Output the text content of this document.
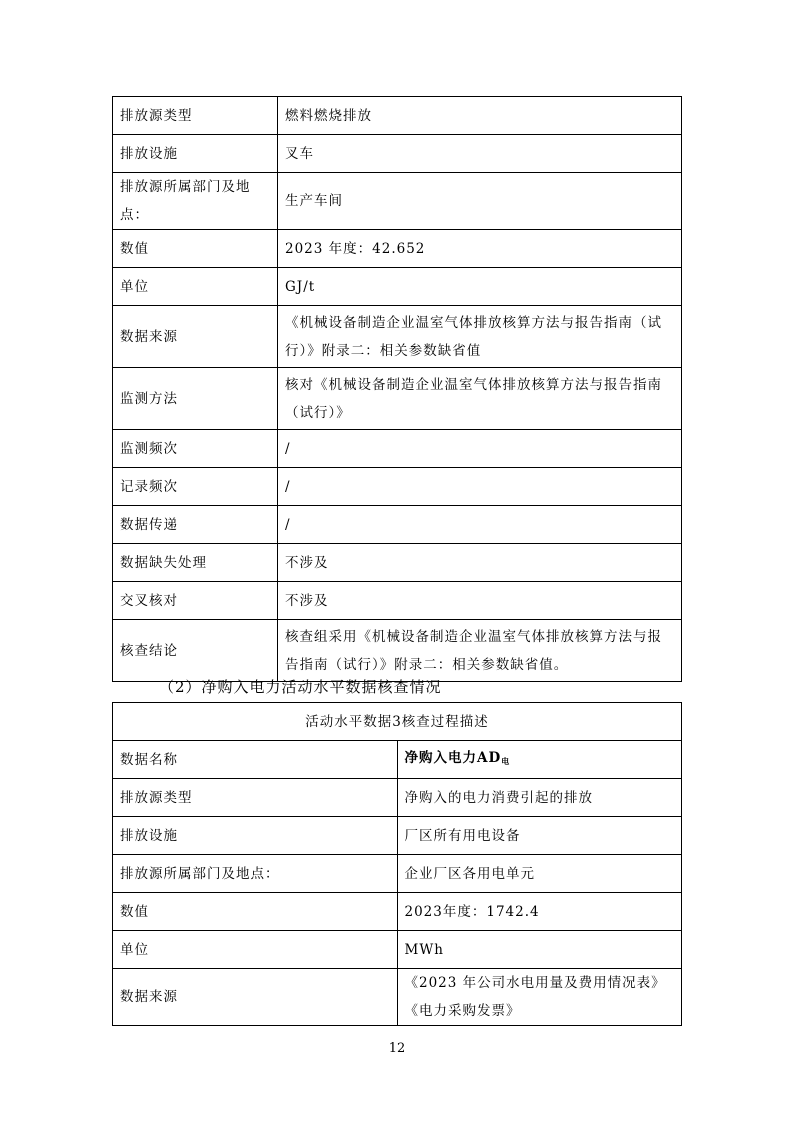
排放源类型	燃料燃烧排放
排放设施	叉车
排放源所属部门及地点：	生产车间
数值	2023 年度：42.652
单位	GJ/t
数据来源	《机械设备制造企业温室气体排放核算方法与报告指南（试行）》附录二：相关参数缺省值
监测方法	核对《机械设备制造企业温室气体排放核算方法与报告指南（试行）》
监测频次	/
记录频次	/
数据传递	/
数据缺失处理	不涉及
交叉核对	不涉及
核查结论	核查组采用《机械设备制造企业温室气体排放核算方法与报告指南（试行）》附录二：相关参数缺省值。
（2）净购入电力活动水平数据核查情况
活动水平数据3核查过程描述	
数据名称	净购入电力$AD_电$
排放源类型	净购入的电力消费引起的排放
排放设施	厂区所有用电设备
排放源所属部门及地点：	企业厂区各用电单元
数值	2023年度：1742.4
单位	MWh
数据来源	《2023 年公司水电用量及费用情况表》《电力采购发票》
12
